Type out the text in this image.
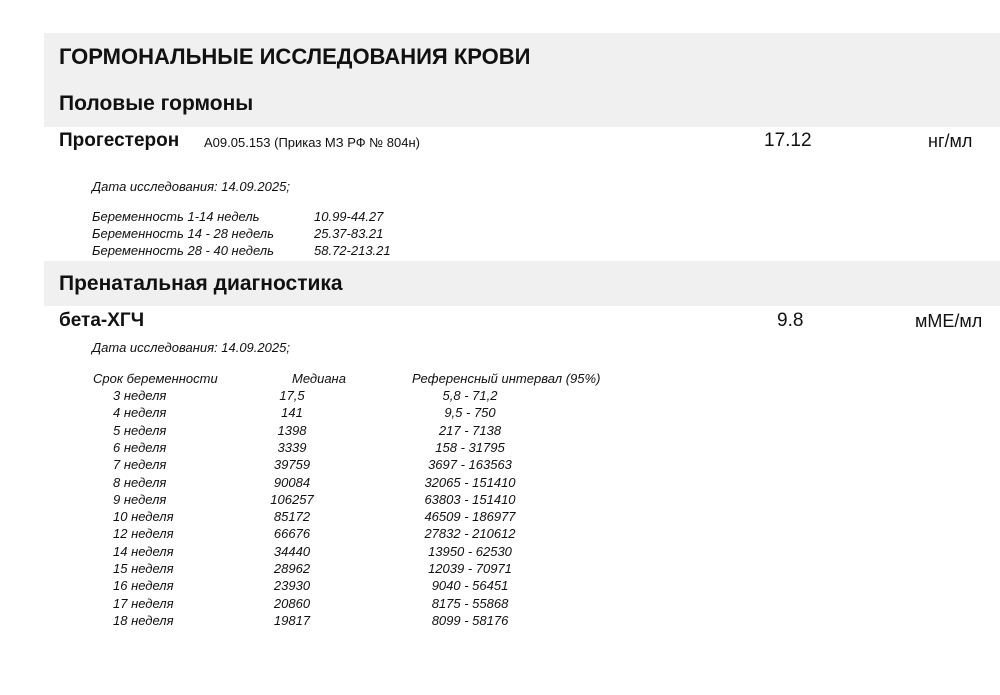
ГОРМОНАЛЬНЫЕ ИССЛЕДОВАНИЯ КРОВИ
Половые гормоны
Прогестерон A09.05.153 (Приказ МЗ РФ № 804н)	17.12	нг/мл
Дата исследования: 14.09.2025;
Беременность 1-14 недель	10.99-44.27
Беременность 14 - 28 недель	25.37-83.21
Беременность 28 - 40 недель	58.72-213.21
Пренатальная диагностика
бета-ХГЧ	9.8	мМЕ/мл
Дата исследования: 14.09.2025;
Срок беременности	Медиана	Референсный интервал (95%)
3 неделя	17,5	5,8 - 71,2
4 неделя	141	9,5 - 750
5 неделя	1398	217 - 7138
6 неделя	3339	158 - 31795
7 неделя	39759	3697 - 163563
8 неделя	90084	32065 - 151410
9 неделя	106257	63803 - 151410
10 неделя	85172	46509 - 186977
12 неделя	66676	27832 - 210612
14 неделя	34440	13950 - 62530
15 неделя	28962	12039 - 70971
16 неделя	23930	9040 - 56451
17 неделя	20860	8175 - 55868
18 неделя	19817	8099 - 58176
